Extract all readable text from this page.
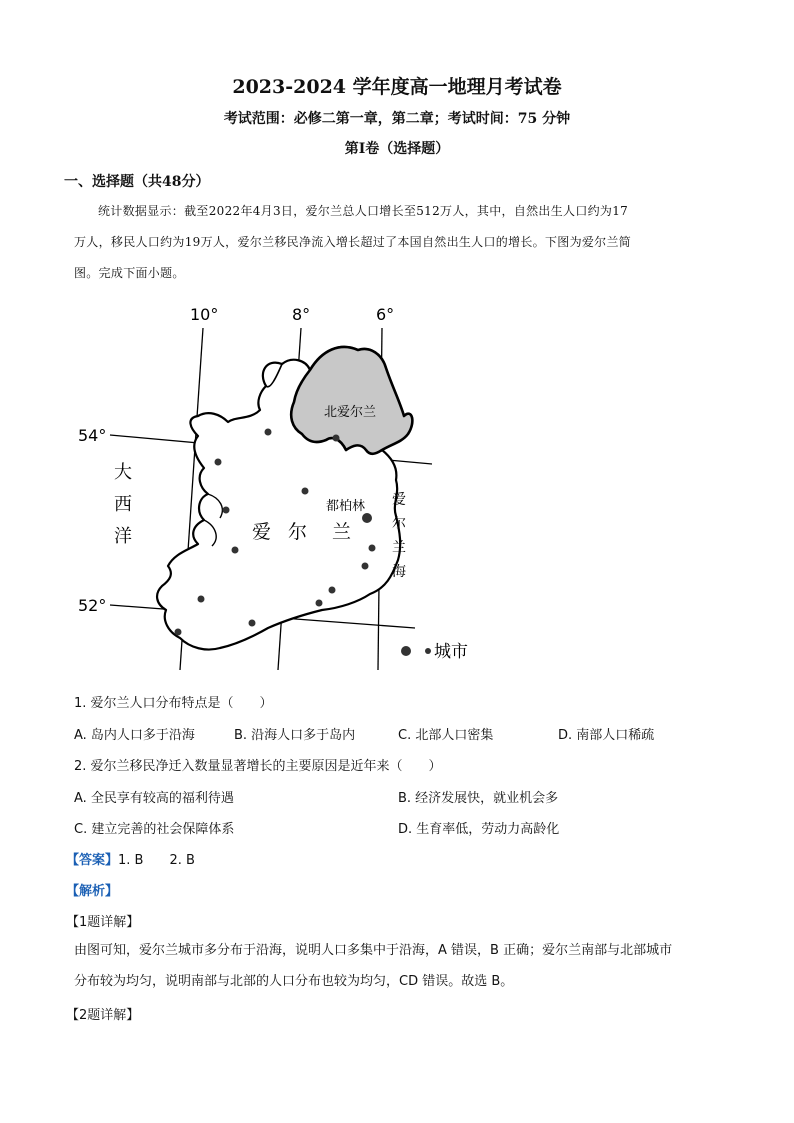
2023-2024 学年度高一地理月考试卷
考试范围：必修二第一章，第二章；考试时间：75 分钟
第Ⅰ卷（选择题）
一、选择题（共48分）
统计数据显示：截至2022年4月3日，爱尔兰总人口增长至512万人，其中，自然出生人口约为17
万人，移民人口约为19万人，爱尔兰移民净流入增长超过了本国自然出生人口的增长。下图为爱尔兰简
图。完成下面小题。
10°	8°	6°
54°
52°
大
西
洋	爱 尔 兰
北爱尔兰
都柏林 爱
尔
兰
海
城市
1. 爱尔兰人口分布特点是（　　）
A. 岛内人口多于沿海	B. 沿海人口多于岛内	C. 北部人口密集	D. 南部人口稀疏
2. 爱尔兰移民净迁入数量显著增长的主要原因是近年来（　　）
A. 全民享有较高的福利待遇	B. 经济发展快，就业机会多
C. 建立完善的社会保障体系	D. 生育率低，劳动力高龄化
【答案】1. B　　2. B
【解析】
【1题详解】
由图可知，爱尔兰城市多分布于沿海，说明人口多集中于沿海，A 错误，B 正确；爱尔兰南部与北部城市
分布较为均匀，说明南部与北部的人口分布也较为均匀，CD 错误。故选 B。
【2题详解】
